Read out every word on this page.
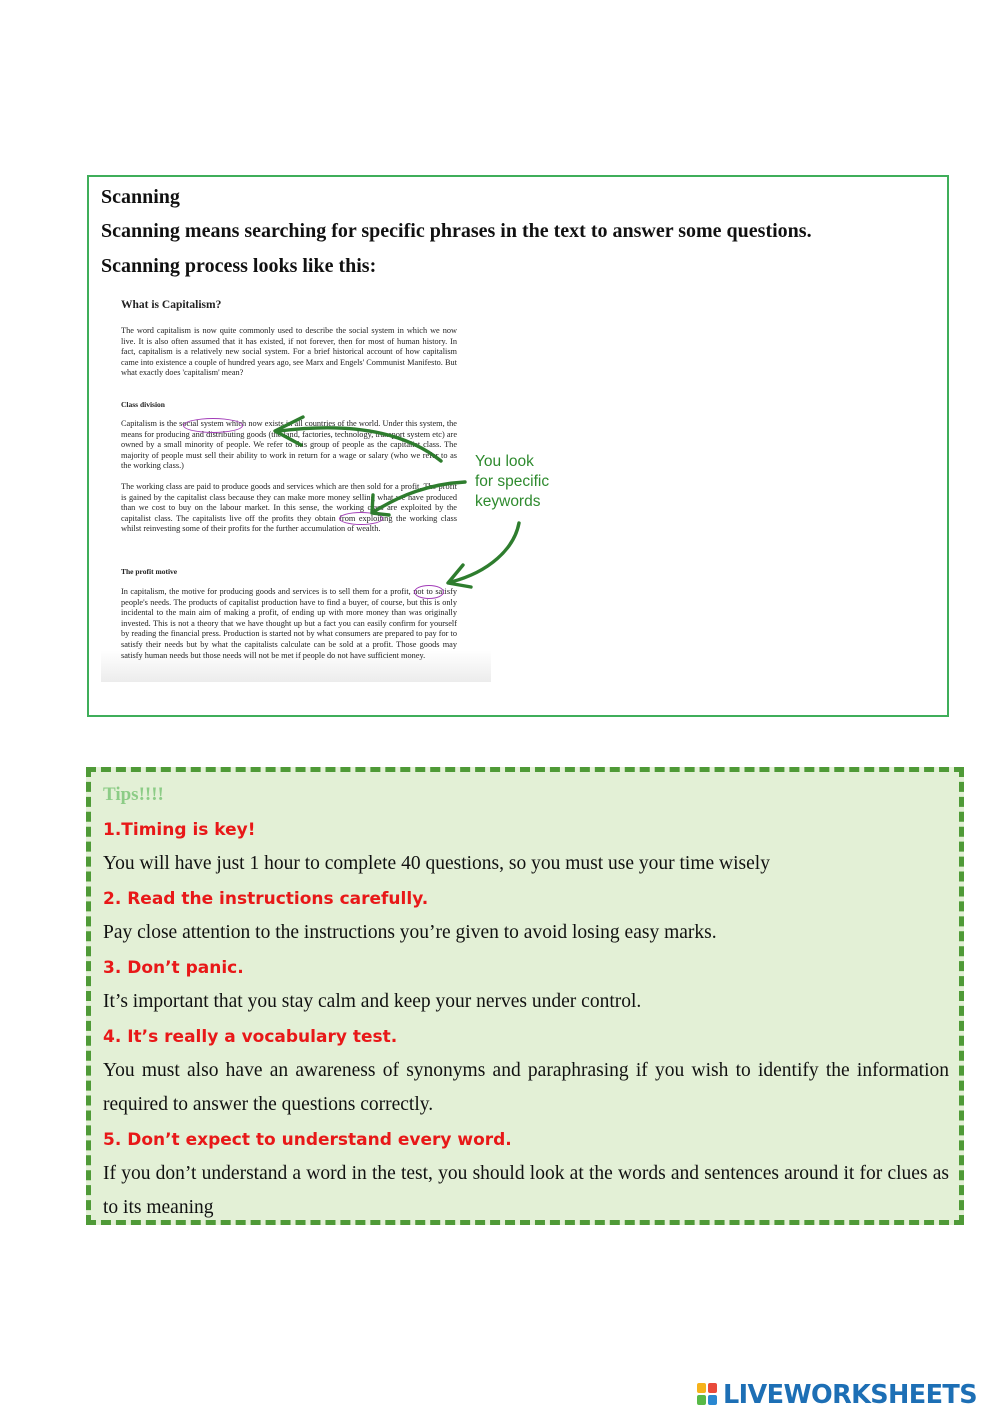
Scanning

Scanning means searching for specific phrases in the text to answer some questions.

Scanning process looks like this:

What is Capitalism?

The word capitalism is now quite commonly used to describe the social system in which we now live. It is also often assumed that it has existed, if not forever, then for most of human history. In fact, capitalism is a relatively new social system. For a brief historical account of how capitalism came into existence a couple of hundred years ago, see Marx and Engels' Communist Manifesto. But what exactly does 'capitalism' mean?

Class division

Capitalism is the social system which now exists in all countries of the world. Under this system, the means for producing and distributing goods (the land, factories, technology, transport system etc) are owned by a small minority of people. We refer to this group of people as the capitalist class. The majority of people must sell their ability to work in return for a wage or salary (who we refer to as the working class.)

The working class are paid to produce goods and services which are then sold for a profit. The profit is gained by the capitalist class because they can make more money selling what we have produced than we cost to buy on the labour market. In this sense, the working class are exploited by the capitalist class. The capitalists live off the profits they obtain from exploiting the working class whilst reinvesting some of their profits for the further accumulation of wealth.

The profit motive

In capitalism, the motive for producing goods and services is to sell them for a profit, not to satisfy people's needs. The products of capitalist production have to find a buyer, of course, but this is only incidental to the main aim of making a profit, of ending up with more money than was originally invested. This is not a theory that we have thought up but a fact you can easily confirm for yourself by reading the financial press. Production is started not by what consumers are prepared to pay for to satisfy their needs but by what the capitalists calculate can be sold at a profit. Those goods may satisfy human needs but those needs will not be met if people do not have sufficient money.

You look
for specific
keywords

Tips!!!!

1.Timing is key!

You will have just 1 hour to complete 40 questions, so you must use your time wisely

2. Read the instructions carefully.

Pay close attention to the instructions you’re given to avoid losing easy marks.

3. Don’t panic.

It’s important that you stay calm and keep your nerves under control.

4. It’s really a vocabulary test.

You must also have an awareness of synonyms and paraphrasing if you wish to identify the information required to answer the questions correctly.

5. Don’t expect to understand every word.

If you don’t understand a word in the test, you should look at the words and sentences around it for clues as to its meaning

LIVEWORKSHEETS
